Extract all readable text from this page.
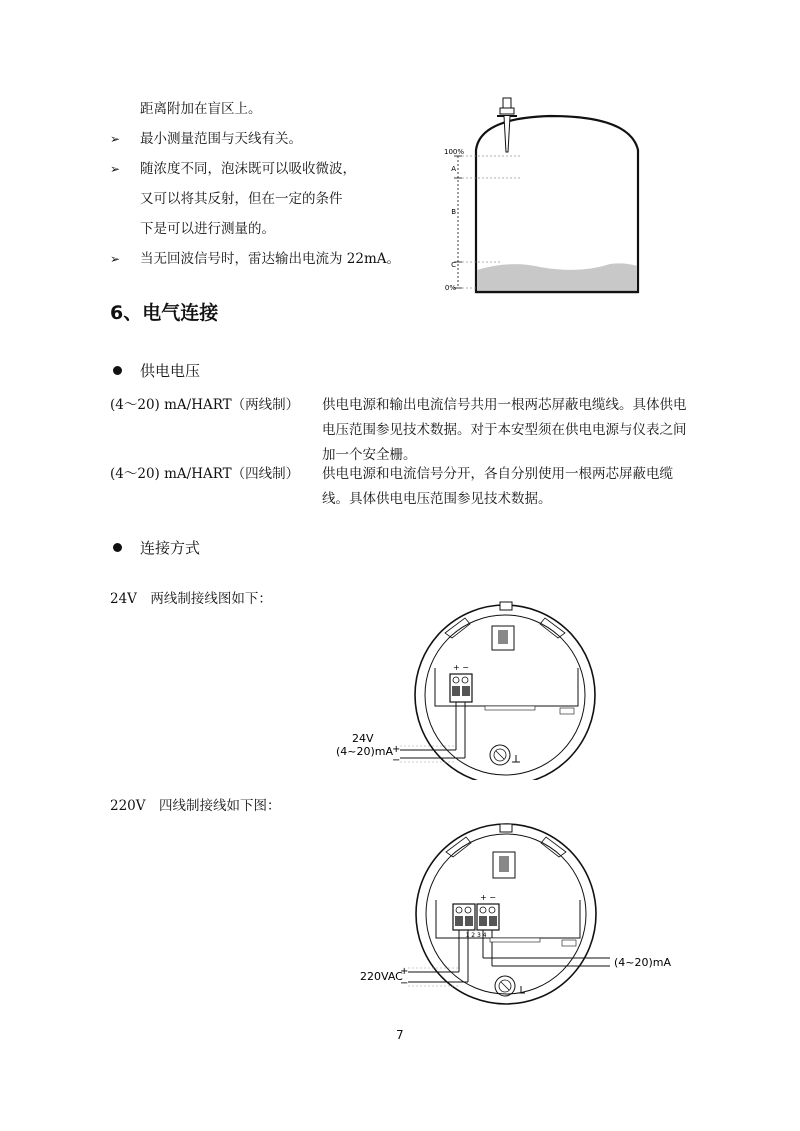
距离附加在盲区上。
➢ 最小测量范围与天线有关。
➢ 随浓度不同，泡沫既可以吸收微波，
又可以将其反射，但在一定的条件
下是可以进行测量的。
➢ 当无回波信号时，雷达输出电流为 22mA。
100%
A
B
C
0%
6、电气连接
供电电压
(4～20) mA/HART（两线制） 供电电源和输出电流信号共用一根两芯屏蔽电缆线。具体供电电压范围参见技术数据。对于本安型须在供电电源与仪表之间加一个安全栅。
(4～20) mA/HART（四线制） 供电电源和电流信号分开，各自分别使用一根两芯屏蔽电缆线。具体供电电压范围参见技术数据。
连接方式
24V　两线制接线图如下：
+ −
24V
(4~20)mA
+
−
220V　四线制接线如下图：
+ −
1 2 3 4
(4~20)mA
220VAC
+
−
7
